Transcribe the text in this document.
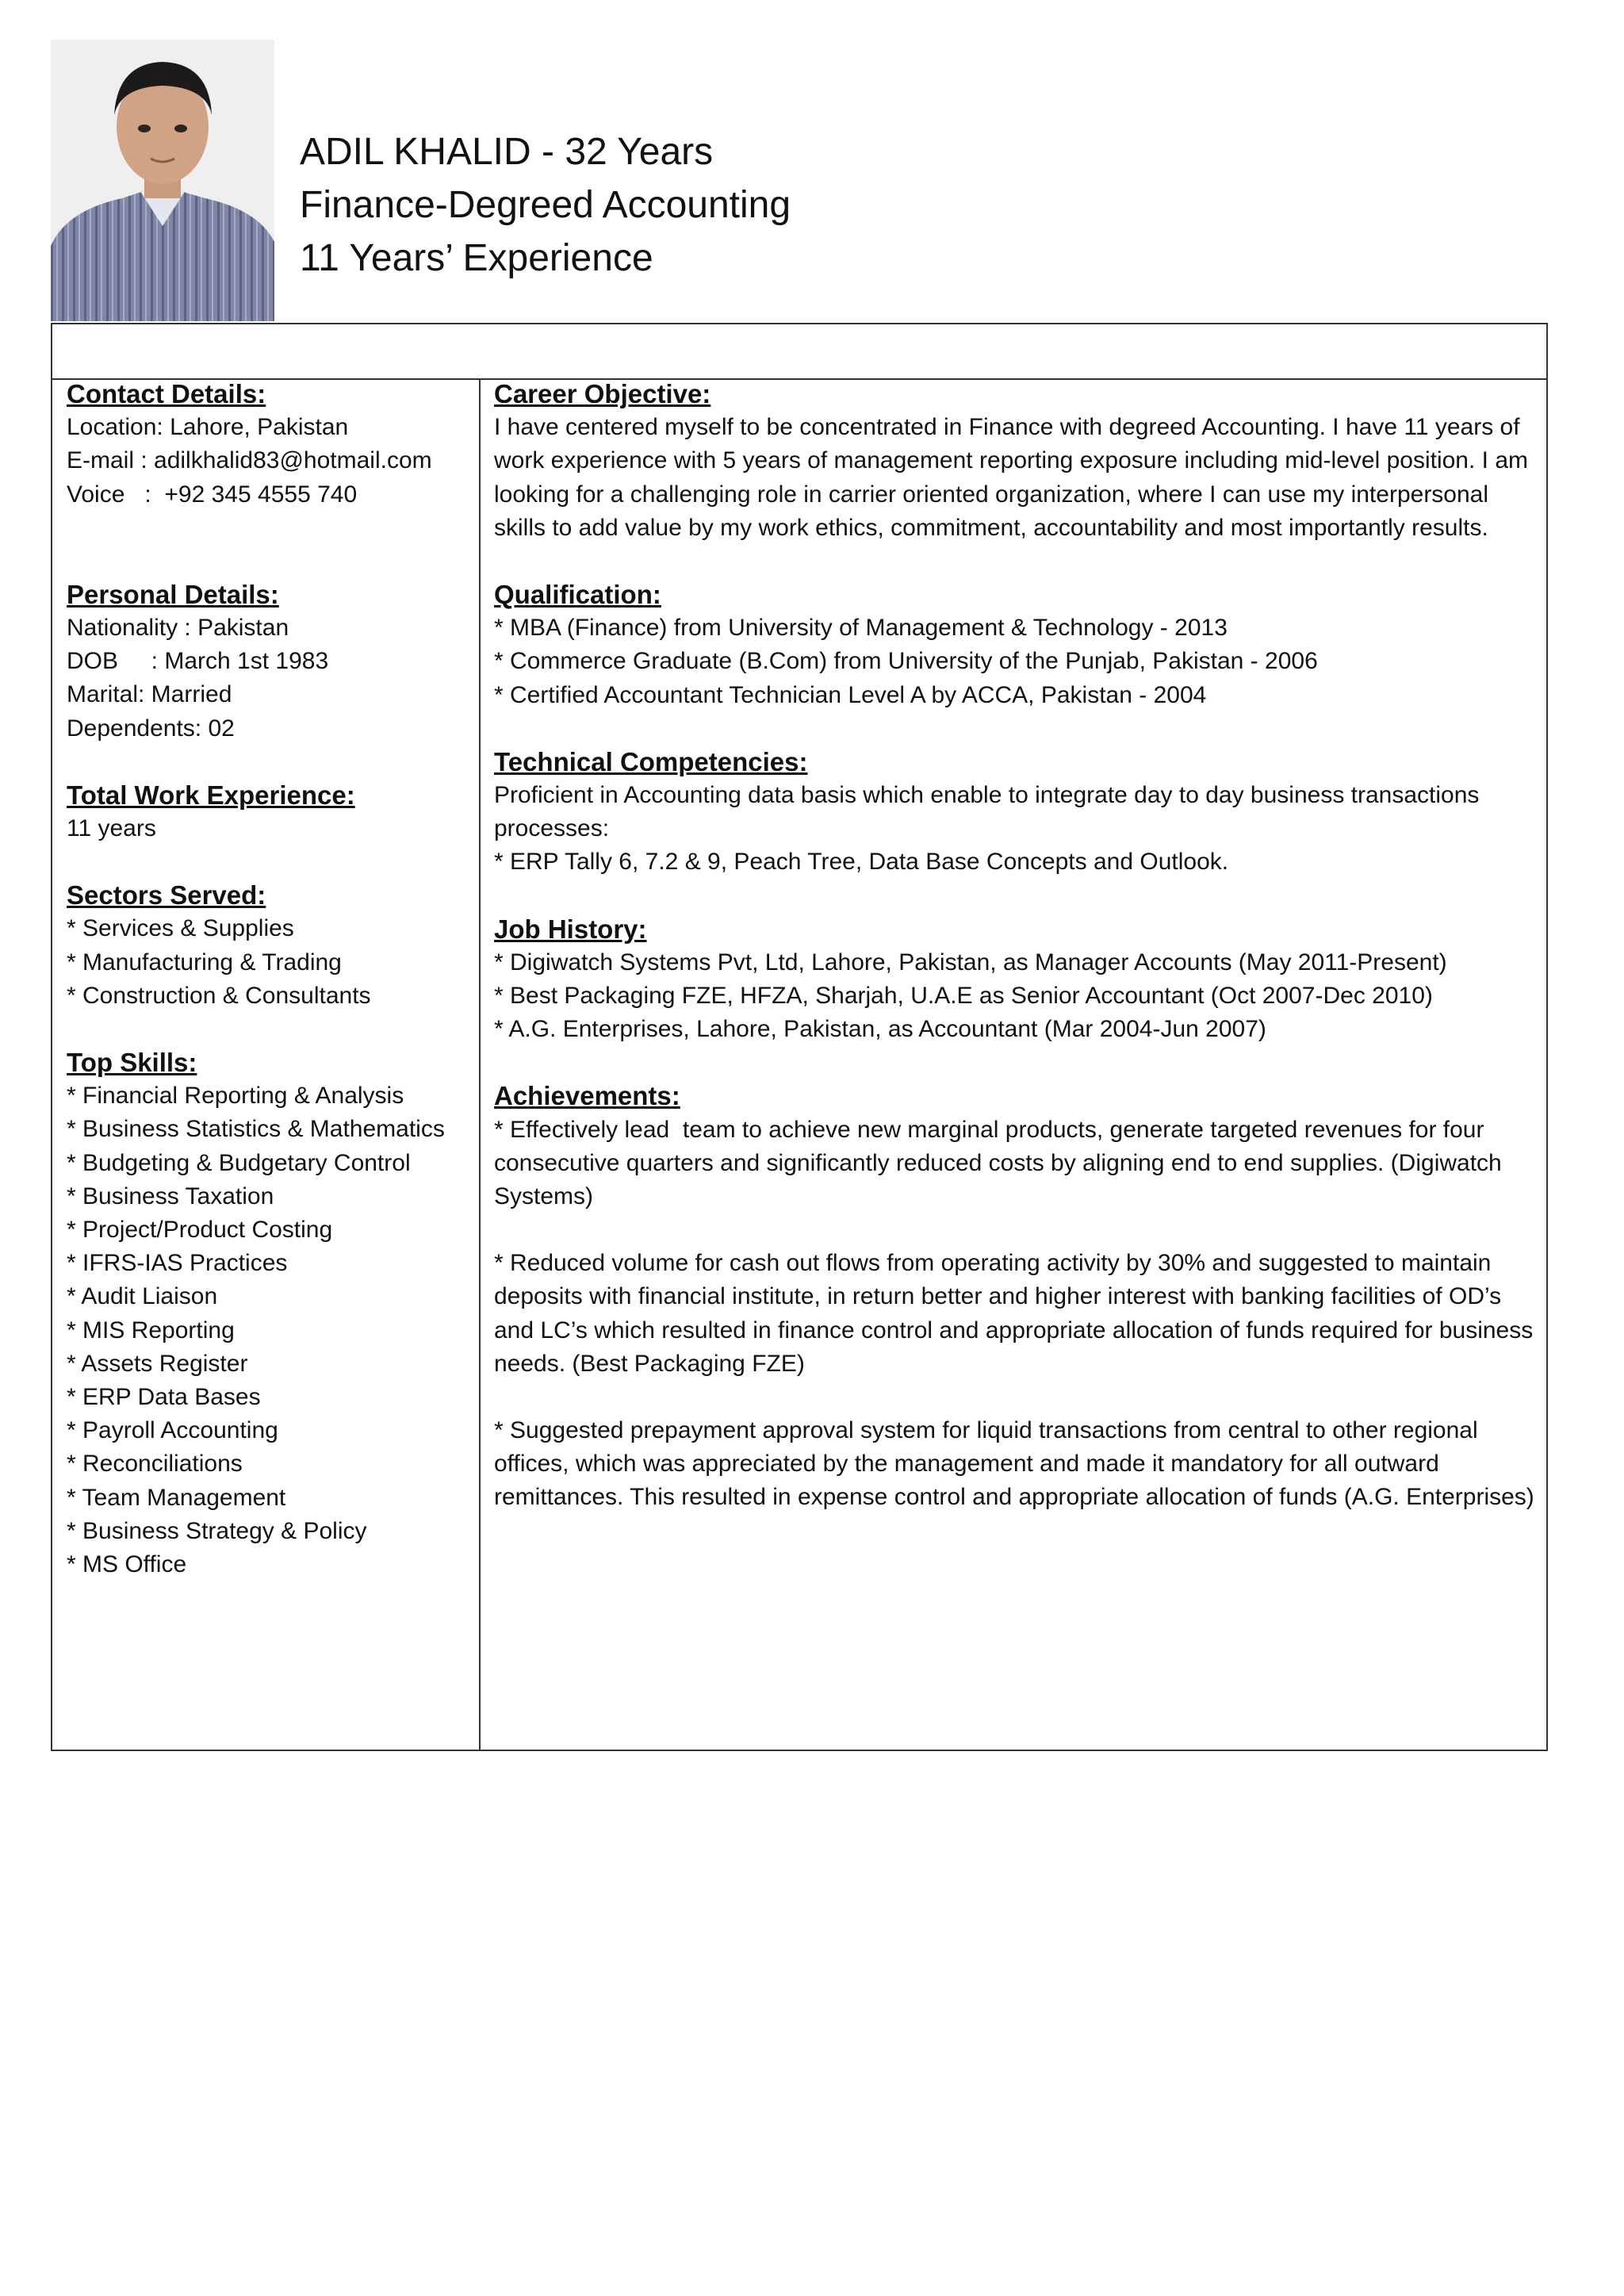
ADIL KHALID - 32 Years
Finance-Degreed Accounting
11 Years’ Experience
Contact Details:
Location: Lahore, Pakistan
E-mail : adilkhalid83@hotmail.com
Voice   :  +92 345 4555 740
Personal Details:
Nationality : Pakistan
DOB     : March 1st 1983
Marital: Married
Dependents: 02
Total Work Experience:
11 years
Sectors Served:
* Services & Supplies
* Manufacturing & Trading
* Construction & Consultants
Top Skills:
* Financial Reporting & Analysis
* Business Statistics & Mathematics
* Budgeting & Budgetary Control
* Business Taxation
* Project/Product Costing
* IFRS-IAS Practices
* Audit Liaison
* MIS Reporting
* Assets Register
* ERP Data Bases
* Payroll Accounting
* Reconciliations
* Team Management
* Business Strategy & Policy
* MS Office
Career Objective:
I have centered myself to be concentrated in Finance with degreed Accounting. I have 11 years of work experience with 5 years of management reporting exposure including mid-level position. I am looking for a challenging role in carrier oriented organization, where I can use my interpersonal skills to add value by my work ethics, commitment, accountability and most importantly results.
Qualification:
* MBA (Finance) from University of Management & Technology - 2013
* Commerce Graduate (B.Com) from University of the Punjab, Pakistan - 2006
* Certified Accountant Technician Level A by ACCA, Pakistan - 2004
Technical Competencies:
Proficient in Accounting data basis which enable to integrate day to day business transactions processes:
* ERP Tally 6, 7.2 & 9, Peach Tree, Data Base Concepts and Outlook.
Job History:
* Digiwatch Systems Pvt, Ltd, Lahore, Pakistan, as Manager Accounts (May 2011-Present)
* Best Packaging FZE, HFZA, Sharjah, U.A.E as Senior Accountant (Oct 2007-Dec 2010)
* A.G. Enterprises, Lahore, Pakistan, as Accountant (Mar 2004-Jun 2007)
Achievements:
* Effectively lead  team to achieve new marginal products, generate targeted revenues for four consecutive quarters and significantly reduced costs by aligning end to end supplies. (Digiwatch Systems)
* Reduced volume for cash out flows from operating activity by 30% and suggested to maintain deposits with financial institute, in return better and higher interest with banking facilities of OD’s and LC’s which resulted in finance control and appropriate allocation of funds required for business needs. (Best Packaging FZE)
* Suggested prepayment approval system for liquid transactions from central to other regional offices, which was appreciated by the management and made it mandatory for all outward remittances. This resulted in expense control and appropriate allocation of funds (A.G. Enterprises)
